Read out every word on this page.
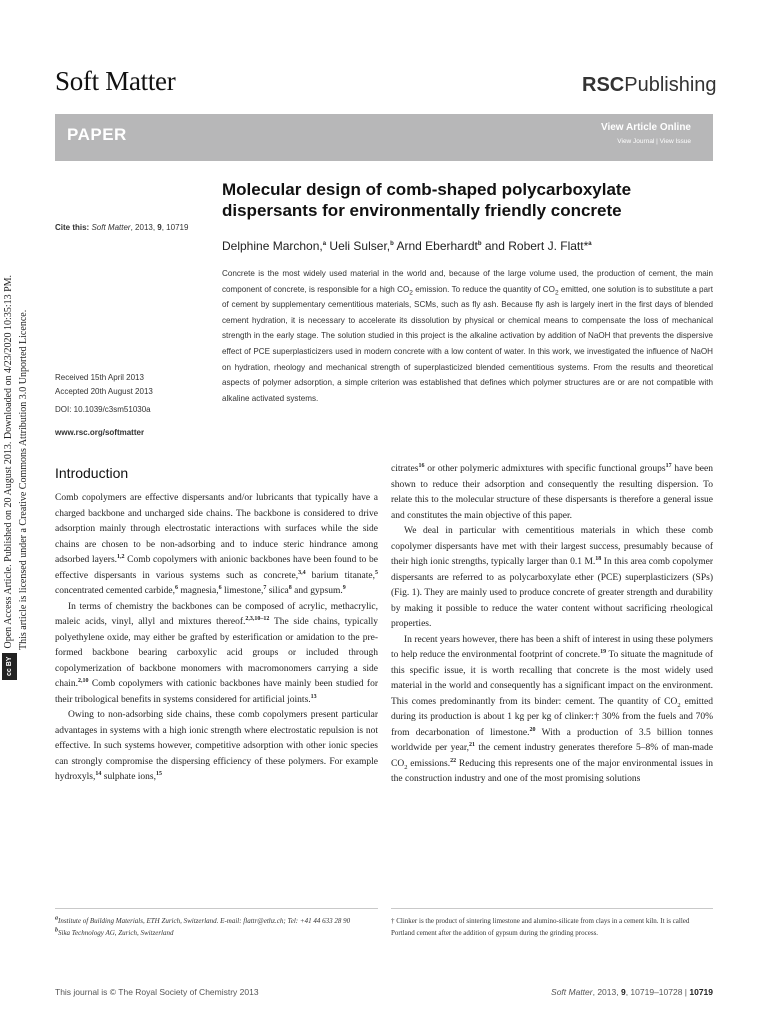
Soft Matter	RSCPublishing
PAPER	View Article Online
View Journal | View Issue
cc BYOpen Access Article. Published on 20 August 2013. Downloaded on 4/23/2020 10:35:13 PM. This article is licensed under a Creative Commons Attribution 3.0 Unported Licence.
Cite this: Soft Matter, 2013, 9, 10719
Received 15th April 2013
Accepted 20th August 2013
DOI: 10.1039/c3sm51030a
www.rsc.org/softmatter
Molecular design of comb-shaped polycarboxylate dispersants for environmentally friendly concrete
Delphine Marchon,$^a$ Ueli Sulser,$^b$ Arnd Eberhardt$^b$ and Robert J. Flatt*$^a$
Concrete is the most widely used material in the world and, because of the large volume used, the production of cement, the main component of concrete, is responsible for a high $CO_2$ emission. To reduce the quantity of $CO_2$ emitted, one solution is to substitute a part of cement by supplementary cementitious materials, SCMs, such as fly ash. Because fly ash is largely inert in the first days of blended cement hydration, it is necessary to accelerate its dissolution by physical or chemical means to compensate the loss of mechanical strength in the early stage. The solution studied in this project is the alkaline activation by addition of NaOH that prevents the dispersive effect of PCE superplasticizers used in modern concrete with a low content of water. In this work, we investigated the influence of NaOH on hydration, rheology and mechanical strength of superplasticized blended cementitious systems. From the results and theoretical aspects of polymer adsorption, a simple criterion was established that defines which polymer structures are or are not compatible with alkaline activated systems.
Introduction

Comb copolymers are effective dispersants and/or lubricants that typically have a charged backbone and uncharged side chains. The backbone is considered to drive adsorption mainly through electrostatic interactions with surfaces while the side chains are chosen to be non-adsorbing and to induce steric hindrance among adsorbed layers.$^{1,2}$ Comb copolymers with anionic backbones have been found to be effective dispersants in various systems such as concrete,$^{3,4}$ barium titanate,$^5$ concentrated cemented carbide,$^6$ magnesia,$^6$ limestone,$^7$ silica$^8$ and gypsum.$^9$

In terms of chemistry the backbones can be composed of acrylic, methacrylic, maleic acids, vinyl, allyl and mixtures thereof.$^{2,3,10-12}$ The side chains, typically polyethylene oxide, may either be grafted by esterification or amidation to the pre-formed backbone bearing carboxylic acid groups or included through copolymerization of backbone monomers with macromonomers carrying a side chain.$^{2,10}$ Comb copolymers with cationic backbones have mainly been studied for their tribological benefits in systems considered for artificial joints.$^{13}$

Owing to non-adsorbing side chains, these comb copolymers present particular advantages in systems with a high ionic strength where electrostatic repulsion is not effective. In such systems however, competitive adsorption with other ionic species can strongly compromise the dispersing efficiency of these polymers. For example hydroxyls,$^{14}$ sulphate ions,$^{15}$

citrates$^{16}$ or other polymeric admixtures with specific functional groups$^{17}$ have been shown to reduce their adsorption and consequently the resulting dispersion. To relate this to the molecular structure of these dispersants is therefore a general issue and constitutes the main objective of this paper.

We deal in particular with cementitious materials in which these comb copolymer dispersants have met with their largest success, presumably because of their high ionic strengths, typically larger than 0.1 M.$^{18}$ In this area comb copolymer dispersants are referred to as polycarboxylate ether (PCE) superplasticizers (SPs) (Fig. 1). They are mainly used to produce concrete of greater strength and durability by making it possible to reduce the water content without sacrificing rheological properties.

In recent years however, there has been a shift of interest in using these polymers to help reduce the environmental footprint of concrete.$^{19}$ To situate the magnitude of this specific issue, it is worth recalling that concrete is the most widely used material in the world and consequently has a significant impact on the environment. This comes predominantly from its binder: cement. The quantity of $CO_2$ emitted during its production is about 1 kg per kg of clinker:† 30% from the fuels and 70% from decarbonation of limestone.$^{20}$ With a production of 3.5 billion tonnes worldwide per year,$^{21}$ the cement industry generates therefore 5–8% of man-made $CO_2$ emissions.$^{22}$ Reducing this represents one of the major environmental issues in the construction industry and one of the most promising solutions

$^a$Institute of Building Materials, ETH Zurich, Switzerland. E-mail: flattr@ethz.ch; Tel: +41 44 633 28 90
$^b$Sika Technology AG, Zurich, Switzerland
† Clinker is the product of sintering limestone and alumino-silicate from clays in a cement kiln. It is called Portland cement after the addition of gypsum during the grinding process.
This journal is © The Royal Society of Chemistry 2013	Soft Matter, 2013, 9, 10719–10728 | 10719
